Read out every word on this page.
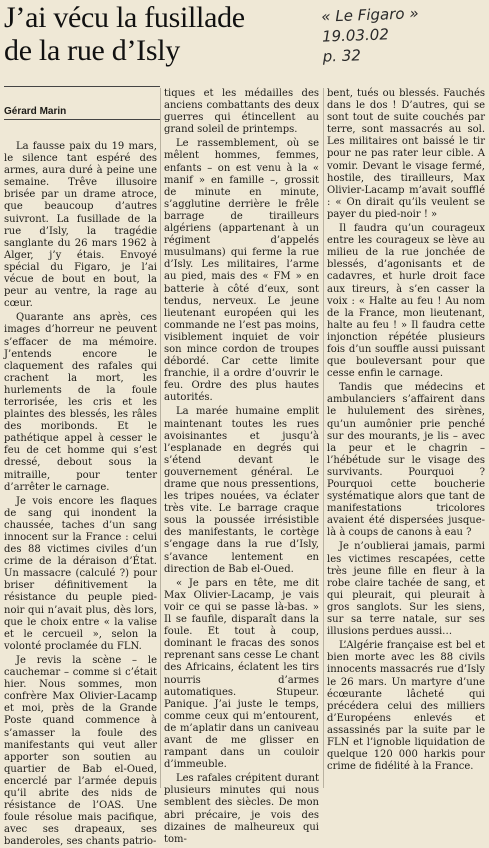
J’ai vécu la fusillade
de la rue d’Isly
« Le Figaro »
19.03.02
p. 32
Gérard Marin

La fausse paix du 19 mars, le silence tant espéré des armes, aura duré à peine une semaine. Trêve illusoire brisée par un drame atroce, que beaucoup d’autres suivront. La fusillade de la rue d’Isly, la tragédie sanglante du 26 mars 1962 à Alger, j’y étais. Envoyé spécial du Figaro, je l’ai vécue de bout en bout, la peur au ventre, la rage au cœur.

Quarante ans après, ces images d’horreur ne peuvent s’effacer de ma mémoire. J’entends encore le claquement des rafales qui crachent la mort, les hurlements de la foule terrorisée, les cris et les plaintes des blessés, les râles des moribonds. Et le pathétique appel à cesser le feu de cet homme qui s’est dressé, debout sous la mitraille, pour tenter d’arrêter le carnage.

Je vois encore les flaques de sang qui inondent la chaussée, taches d’un sang innocent sur la France : celui des 88 victimes civiles d’un crime de la déraison d’État. Un massacre (calculé ?) pour briser définitivement la résistance du peuple pied-noir qui n’avait plus, dès lors, que le choix entre « la valise et le cercueil », selon la volonté proclamée du FLN.

Je revis la scène – le cauchemar – comme si c’était hier. Nous sommes, mon confrère Max Olivier-Lacamp et moi, près de la Grande Poste quand commence à s’amasser la foule des manifestants qui veut aller apporter son soutien au quartier de Bab el-Oued, encerclé par l’armée depuis qu’il abrite des nids de résistance de l’OAS. Une foule résolue mais pacifique, avec ses drapeaux, ses banderoles, ses chants patrio-

tiques et les médailles des anciens combattants des deux guerres qui étincellent au grand soleil de printemps.

Le rassemblement, où se mêlent hommes, femmes, enfants – on est venu à la « manif » en famille –, grossit de minute en minute, s’agglutine derrière le frêle barrage de tirailleurs algériens (appartenant à un régiment d’appelés musulmans) qui ferme la rue d’Isly. Les militaires, l’arme au pied, mais des « FM » en batterie à côté d’eux, sont tendus, nerveux. Le jeune lieutenant européen qui les commande ne l’est pas moins, visiblement inquiet de voir son mince cordon de troupes débordé. Car cette limite franchie, il a ordre d’ouvrir le feu. Ordre des plus hautes autorités.

La marée humaine emplit maintenant toutes les rues avoisinantes et jusqu’à l’esplanade en degrés qui s’étend devant le gouvernement général. Le drame que nous pressentions, les tripes nouées, va éclater très vite. Le barrage craque sous la poussée irrésistible des manifestants, le cortège s’engage dans la rue d’Isly, s’avance lentement en direction de Bab el-Oued.

« Je pars en tête, me dit Max Olivier-Lacamp, je vais voir ce qui se passe là-bas. » Il se faufile, disparaît dans la foule. Et tout à coup, dominant le fracas des sonos reprenant sans cesse Le chant des Africains, éclatent les tirs nourris d’armes automatiques. Stupeur. Panique. J’ai juste le temps, comme ceux qui m’entourent, de m’aplatir dans un caniveau avant de me glisser en rampant dans un couloir d’immeuble.

Les rafales crépitent durant plusieurs minutes qui nous semblent des siècles. De mon abri précaire, je vois des dizaines de malheureux qui tom-

bent, tués ou blessés. Fauchés dans le dos ! D’autres, qui se sont tout de suite couchés par terre, sont massacrés au sol. Les militaires ont baissé le tir pour ne pas rater leur cible. A vomir. Devant le visage fermé, hostile, des tirailleurs, Max Olivier-Lacamp m’avait soufflé : « On dirait qu’ils veulent se payer du pied-noir ! »

Il faudra qu’un courageux entre les courageux se lève au milieu de la rue jonchée de blessés, d’agonisants et de cadavres, et hurle droit face aux tireurs, à s’en casser la voix : « Halte au feu ! Au nom de la France, mon lieutenant, halte au feu ! » Il faudra cette injonction répétée plusieurs fois d’un souffle aussi puissant que bouleversant pour que cesse enfin le carnage.

Tandis que médecins et ambulanciers s’affairent dans le hululement des sirènes, qu’un aumônier prie penché sur des mourants, je lis – avec la peur et le chagrin – l’hébétude sur le visage des survivants. Pourquoi ? Pourquoi cette boucherie systématique alors que tant de manifestations tricolores avaient été dispersées jusque-là à coups de canons à eau ?

Je n’oublierai jamais, parmi les victimes rescapées, cette très jeune fille en fleur à la robe claire tachée de sang, et qui pleurait, qui pleurait à gros sanglots. Sur les siens, sur sa terre natale, sur ses illusions perdues aussi…

L’Algérie française est bel et bien morte avec les 88 civils innocents massacrés rue d’Isly le 26 mars. Un martyre d’une écœurante lâcheté qui précédera celui des milliers d’Européens enlevés et assassinés par la suite par le FLN et l’ignoble liquidation de quelque 120 000 harkis pour crime de fidélité à la France.
